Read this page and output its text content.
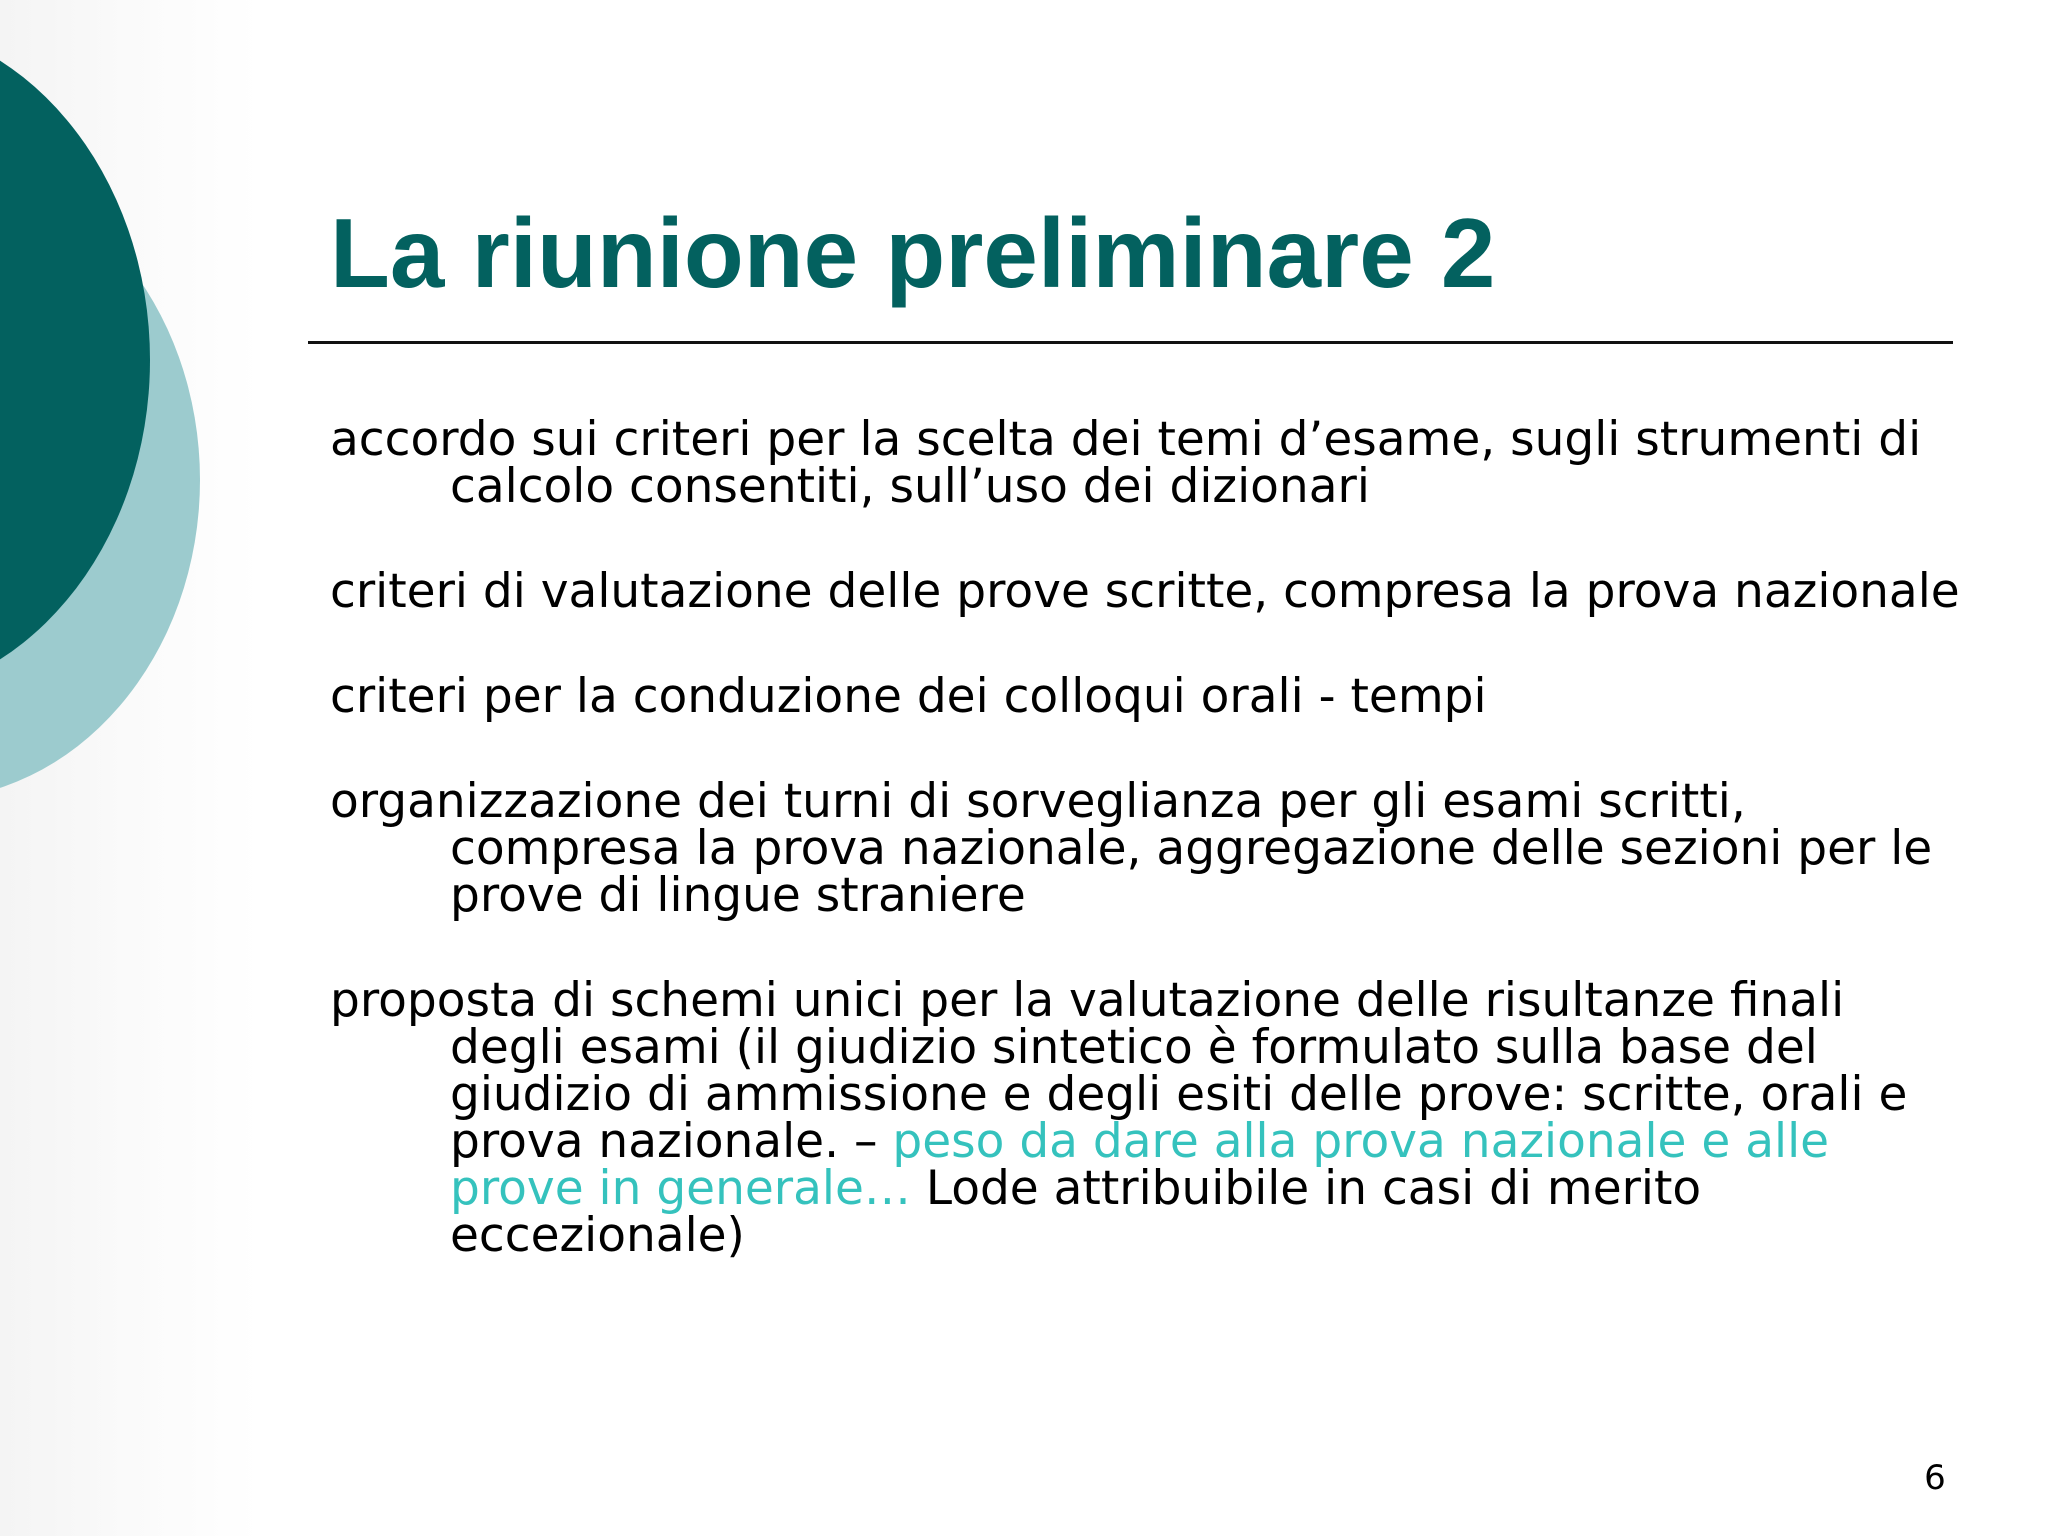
La riunione preliminare 2

accordo sui criteri per la scelta dei temi d’esame, sugli strumenti di calcolo consentiti, sull’uso dei dizionari

criteri di valutazione delle prove scritte, compresa la prova nazionale

criteri per la conduzione dei colloqui orali - tempi

organizzazione dei turni di sorveglianza per gli esami scritti, compresa la prova nazionale, aggregazione delle sezioni per le prove di lingue straniere

proposta di schemi unici per la valutazione delle risultanze finali degli esami (il giudizio sintetico è formulato sulla base del giudizio di ammissione e degli esiti delle prove: scritte, orali e prova nazionale. – peso da dare alla prova nazionale e alle prove in generale… Lode attribuibile in casi di merito eccezionale)

6
